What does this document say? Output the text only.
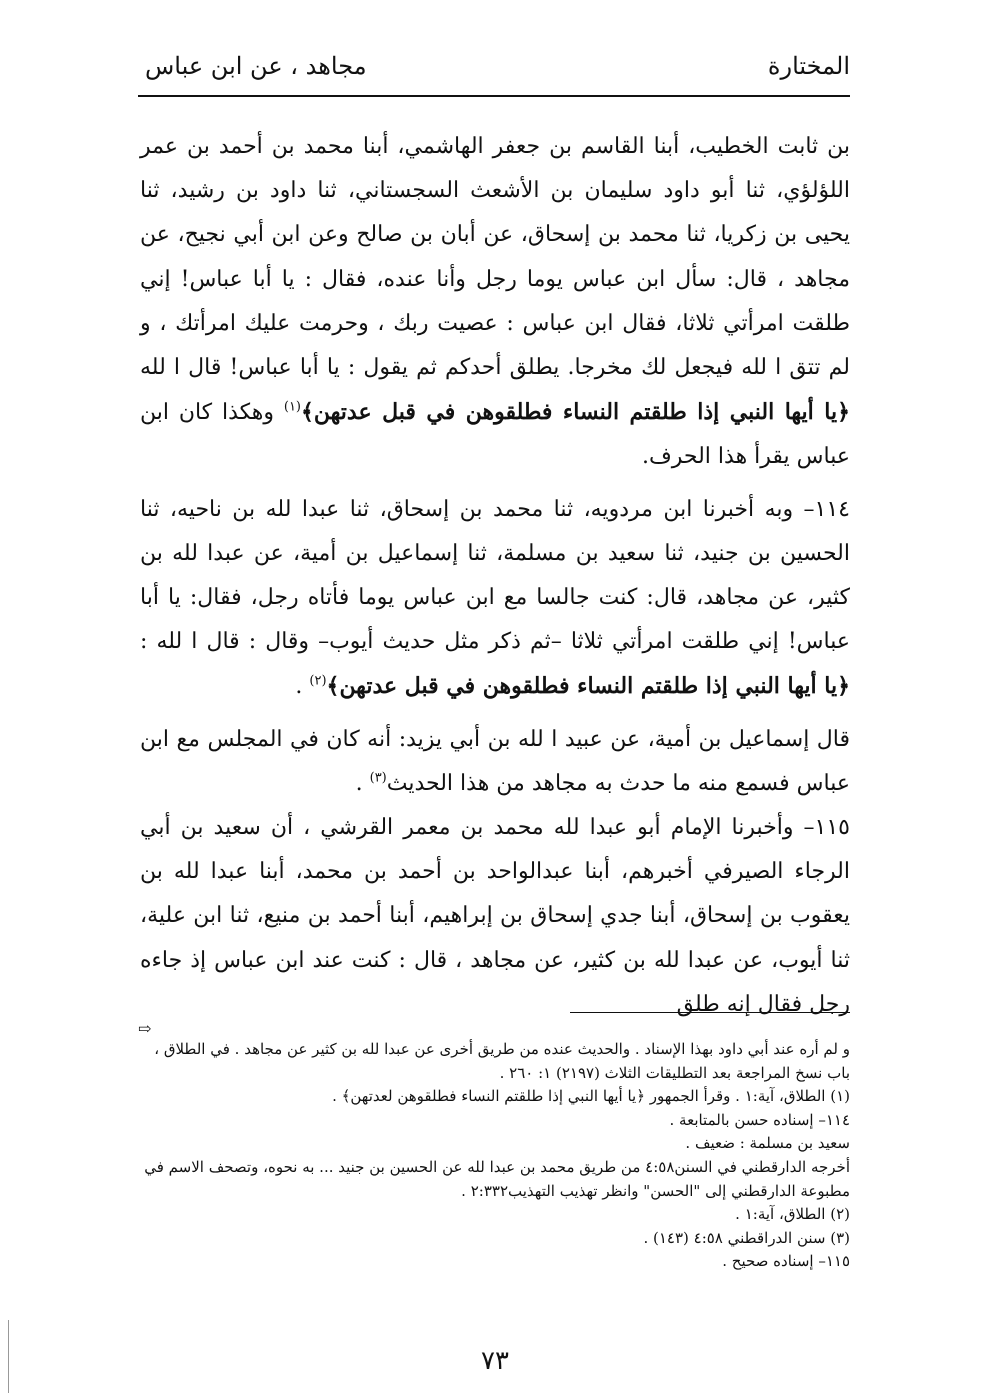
المختارة
مجاهد ، عن ابن عباس

بن ثابت الخطيب، أبنا القاسم بن جعفر الهاشمي، أبنا محمد بن أحمد بن عمر اللؤلؤي، ثنا أبو داود سليمان بن الأشعث السجستاني، ثنا داود بن رشيد، ثنا يحيى بن زكريا، ثنا محمد بن إسحاق، عن أبان بن صالح وعن ابن أبي نجيح، عن مجاهد ، قال: سأل ابن عباس يوما رجل وأنا عنده، فقال : يا أبا عباس! إني طلقت امرأتي ثلاثا، فقال ابن عباس : عصيت ربك ، وحرمت عليك امرأتك ، و لم تتق ا لله فيجعل لك مخرجا. يطلق أحدكم ثم يقول : يا أبا عباس! قال ا لله ﴿يا أيها النبي إذا طلقتم النساء فطلقوهن في قبل عدتهن﴾$^{(١)}$ وهكذا كان ابن عباس يقرأ هذا الحرف.

١١٤– وبه أخبرنا ابن مردويه، ثنا محمد بن إسحاق، ثنا عبدا لله بن ناحيه، ثنا الحسين بن جنيد، ثنا سعيد بن مسلمة، ثنا إسماعيل بن أمية، عن عبدا لله بن كثير، عن مجاهد، قال: كنت جالسا مع ابن عباس يوما فأتاه رجل، فقال: يا أبا عباس! إني طلقت امرأتي ثلاثا –ثم ذكر مثل حديث أيوب– وقال : قال ا لله : ﴿يا أيها النبي إذا طلقتم النساء فطلقوهن في قبل عدتهن﴾$^{(٢)}$ .

قال إسماعيل بن أمية، عن عبيد ا لله بن أبي يزيد: أنه كان في المجلس مع ابن عباس فسمع منه ما حدث به مجاهد من هذا الحديث$^{(٣)}$ .

١١٥– وأخبرنا الإمام أبو عبدا لله محمد بن معمر القرشي ، أن سعيد بن أبي الرجاء الصيرفي أخبرهم، أبنا عبدالواحد بن أحمد بن محمد، أبنا عبدا لله بن يعقوب بن إسحاق، أبنا جدي إسحاق بن إبراهيم، أبنا أحمد بن منيع، ثنا ابن علية، ثنا أيوب، عن عبدا لله بن كثير، عن مجاهد ، قال : كنت عند ابن عباس إذ جاءه رجل فقال إنه طلق

⇨
و لم أره عند أبي داود بهذا الإسناد . والحديث عنده من طريق أخرى عن عبدا لله بن كثير عن مجاهد . في الطلاق ، باب نسخ المراجعة بعد التطليقات الثلاث (٢١٩٧) ١: ٢٦٠ .
(١) الطلاق، آية:١ . وقرأ الجمهور ﴿يا أيها النبي إذا طلقتم النساء فطلقوهن لعدتهن﴾ .
١١٤– إسناده حسن بالمتابعة .
سعيد بن مسلمة : ضعيف .
أخرجه الدارقطني في السنن٤:٥٨ من طريق محمد بن عبدا لله عن الحسين بن جنيد ... به نحوه، وتصحف الاسم في مطبوعة الدارقطني إلى "الحسن" وانظر تهذيب التهذيب٢:٣٣٢ .
(٢) الطلاق، آية:١ .
(٣) سنن الدراقطني ٤:٥٨ (١٤٣) .
١١٥– إسناده صحيح .
٧٣
